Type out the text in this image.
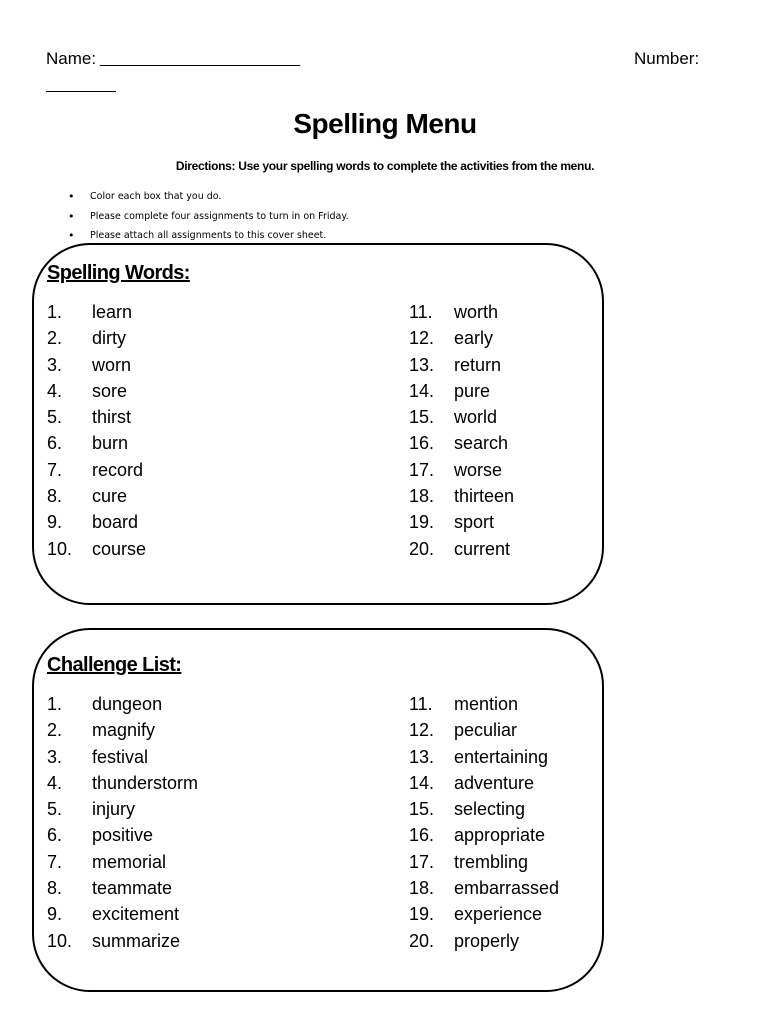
Name:	Number:
Spelling Menu
Directions: Use your spelling words to complete the activities from the menu.
• Color each box that you do.
• Please complete four assignments to turn in on Friday.
• Please attach all assignments to this cover sheet.
Spelling Words:
1. learn
2. dirty
3. worn
4. sore
5. thirst
6. burn
7. record
8. cure
9. board
10. course
11. worth
12. early
13. return
14. pure
15. world
16. search
17. worse
18. thirteen
19. sport
20. current
Challenge List:
1. dungeon
2. magnify
3. festival
4. thunderstorm
5. injury
6. positive
7. memorial
8. teammate
9. excitement
10. summarize
11. mention
12. peculiar
13. entertaining
14. adventure
15. selecting
16. appropriate
17. trembling
18. embarrassed
19. experience
20. properly
